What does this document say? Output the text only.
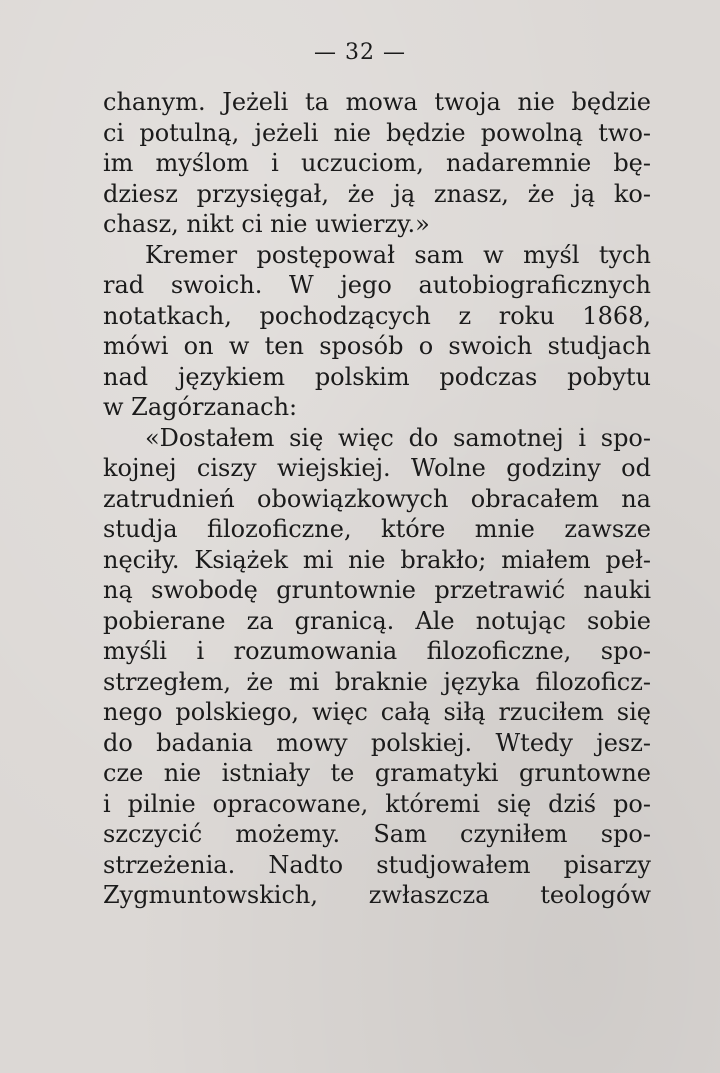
— 32 —
chanym. Jeżeli ta mowa twoja nie będzie
ci potulną, jeżeli nie będzie powolną two-
im myślom i uczuciom, nadaremnie bę-
dziesz przysięgał, że ją znasz, że ją ko-
chasz, nikt ci nie uwierzy.»
Kremer postępował sam w myśl tych
rad swoich. W jego autobiograficznych
notatkach, pochodzących z roku 1868,
mówi on w ten sposób o swoich studjach
nad językiem polskim podczas pobytu
w Zagórzanach:
«Dostałem się więc do samotnej i spo-
kojnej ciszy wiejskiej. Wolne godziny od
zatrudnień obowiązkowych obracałem na
studja filozoficzne, które mnie zawsze
nęciły. Książek mi nie brakło; miałem peł-
ną swobodę gruntownie przetrawić nauki
pobierane za granicą. Ale notując sobie
myśli i rozumowania filozoficzne, spo-
strzegłem, że mi braknie języka filozoficz-
nego polskiego, więc całą siłą rzuciłem się
do badania mowy polskiej. Wtedy jesz-
cze nie istniały te gramatyki gruntowne
i pilnie opracowane, któremi się dziś po-
szczycić możemy. Sam czyniłem spo-
strzeżenia. Nadto studjowałem pisarzy
Zygmuntowskich, zwłaszcza teologów
